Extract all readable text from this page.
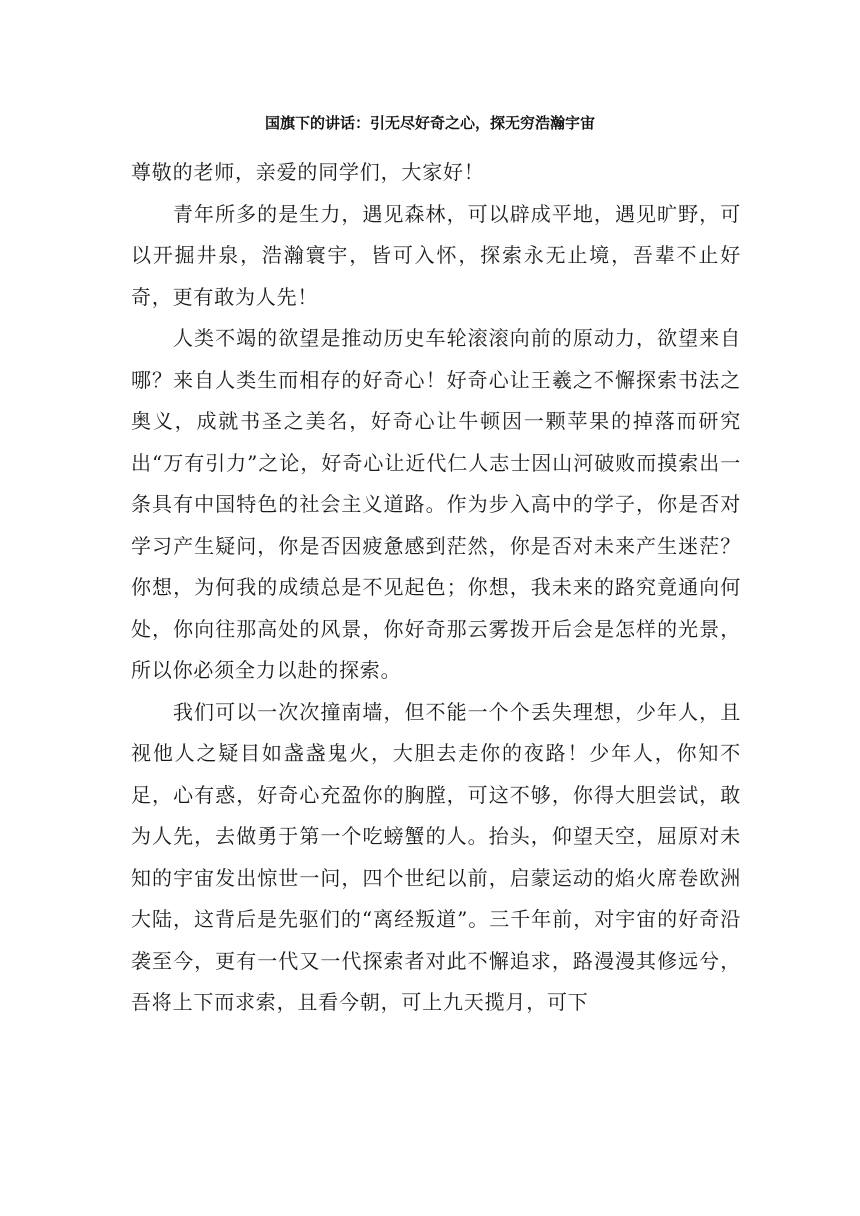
国旗下的讲话：引无尽好奇之心，探无穷浩瀚宇宙

尊敬的老师，亲爱的同学们，大家好！

青年所多的是生力，遇见森林，可以辟成平地，遇见旷野，可以开掘井泉，浩瀚寰宇，皆可入怀，探索永无止境，吾辈不止好奇，更有敢为人先！

人类不竭的欲望是推动历史车轮滚滚向前的原动力，欲望来自哪？来自人类生而相存的好奇心！好奇心让王羲之不懈探索书法之奥义，成就书圣之美名，好奇心让牛顿因一颗苹果的掉落而研究出“万有引力”之论，好奇心让近代仁人志士因山河破败而摸索出一条具有中国特色的社会主义道路。作为步入高中的学子，你是否对学习产生疑问，你是否因疲惫感到茫然，你是否对未来产生迷茫？你想，为何我的成绩总是不见起色；你想，我未来的路究竟通向何处，你向往那高处的风景，你好奇那云雾拨开后会是怎样的光景，所以你必须全力以赴的探索。

我们可以一次次撞南墙，但不能一个个丢失理想，少年人，且视他人之疑目如盏盏鬼火，大胆去走你的夜路！少年人，你知不足，心有惑，好奇心充盈你的胸膛，可这不够，你得大胆尝试，敢为人先，去做勇于第一个吃螃蟹的人。抬头，仰望天空，屈原对未知的宇宙发出惊世一问，四个世纪以前，启蒙运动的焰火席卷欧洲大陆，这背后是先驱们的“离经叛道”。三千年前，对宇宙的好奇沿袭至今，更有一代又一代探索者对此不懈追求，路漫漫其修远兮，吾将上下而求索，且看今朝，可上九天揽月，可下
